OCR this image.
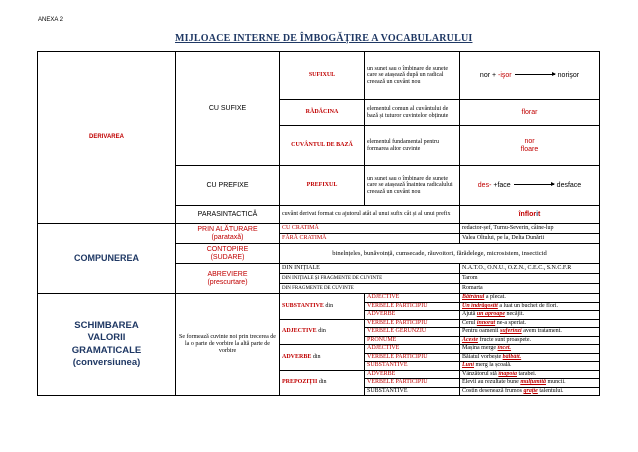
ANEXA 2
MIJLOACE INTERNE DE ÎMBOGĂȚIRE A VOCABULARULUI
DERIVAREA	CU SUFIXE	SUFIXUL	un sunet sau o îmbinare de sunete care se atașează după un radical creează un cuvânt nou	nor + -işor norişor
		RĂDĂCINA	elementul comun al cuvântului de bază și tuturor cuvintelor obținute	florar
		CUVÂNTUL DE BAZĂ	elementul fundamental pentru formarea altor cuvinte	nor
floare

	CU PREFIXE	PREFIXUL	un sunet sau o îmbinare de sunete care se atașează înaintea radicalului creează un cuvânt nou	des- +face desface
	PARASINTACTICĂ	cuvânt derivat format cu ajutorul atât al unui sufix cât și al unui prefix		înflorit

COMPUNEREA	PRIN ALĂTURARE
(parataxă)	CU CRATIMĂ		redactor-șef, Turnu-Severin, câine-lup
		FĂRĂ CRATIMĂ		Valea Oltului, pe la, Delta Dunării

	CONTOPIRE
(SUDARE)	binelnțeles, bunăvoință, cumsecade, răuvoitori, fărădelege, microsistem, insecticid		

	ABREVIERE
(prescurtare)	DIN INIȚIALE		N.A.T.O., O.N.U., O.Z.N., C.E.C., S.N.C.F.R
		DIN INIȚIALE ȘI FRAGMENTE DE CUVINTE		Tarom
		DIN FRAGMENTE DE CUVINTE		Romarta

SCHIMBAREA
VALORII
GRAMATICALE
(conversiunea)	Se formează cuvinte noi prin trecerea de la o parte de vorbire la altă parte de vorbire	SUBSTANTIVE din	ADJECTIVE	Bătrânul a plecat.
			VERBELE PARTICIPIU	Un îndrăgostit a luat un buchet de flori.
			ADVERBE	Ajută un aproape necăjit.
		ADJECTIVE din	VERBELE PARTICIPIU	Cerul înnorat ne-a speriat.
			VERBELE GERUNZIU	Pentru oamenii suferinzi avem tratament.
			PRONUME	Aceste fructe sunt proaspete.
		ADVERBE din	ADJECTIVE	Mașina merge încet.
			VERBELE PARTICIPIU	Băiatul vorbește bâlbâit.
			SUBSTANTIVE	Luni merg la școală.
		PREPOZIȚII din	ADVERBE	Vânzătorul stă înapoia tarabei.
			VERBELE PARTICIPIU	Elevii au rezultate bune mulțumită muncii.
			SUBSTANTIVE	Costin desenează frumos grație talentului.
